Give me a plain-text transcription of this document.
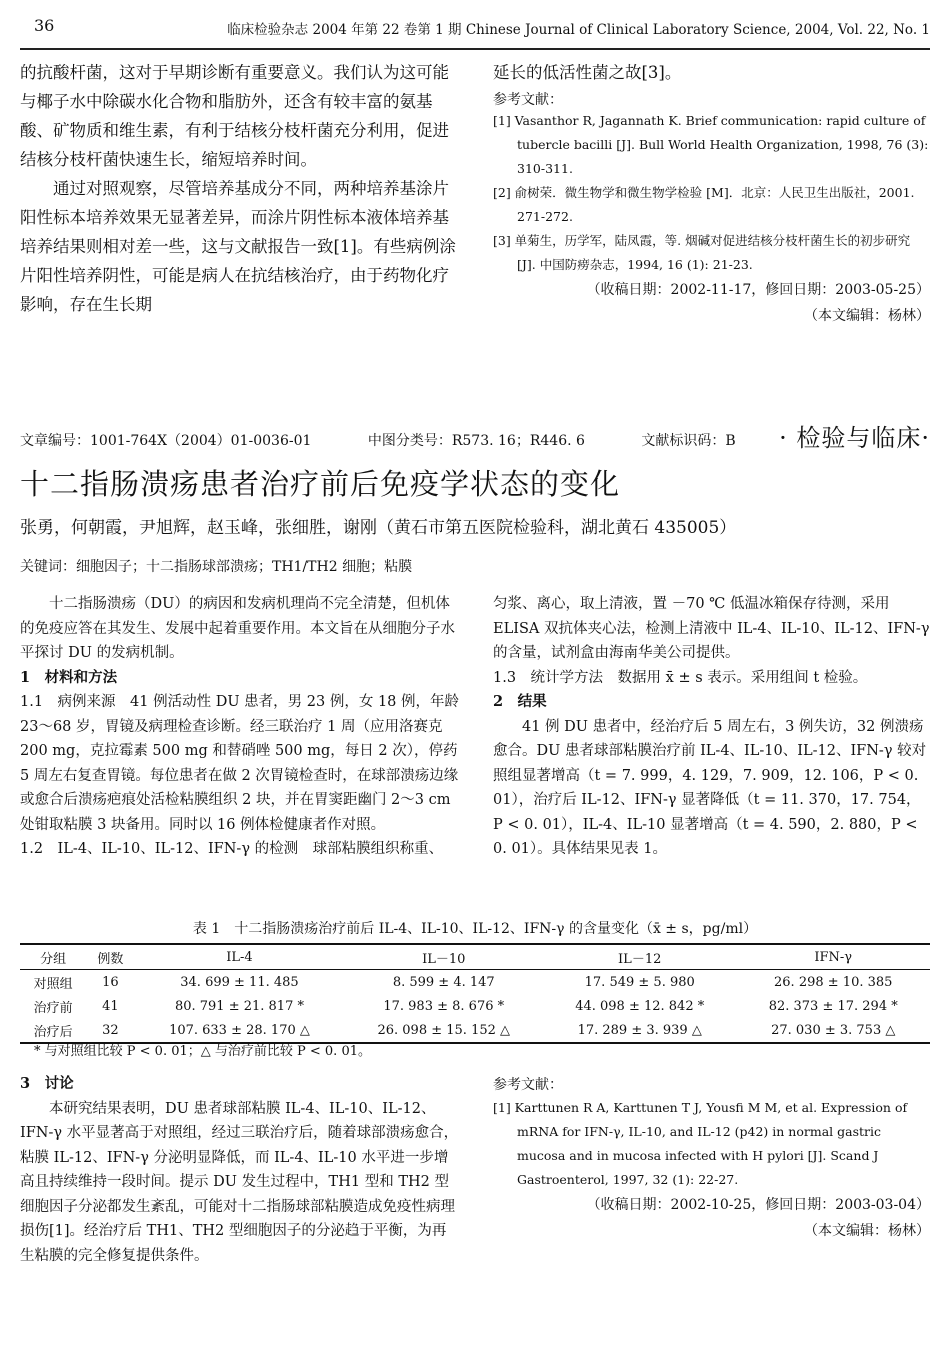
36	临床检验杂志 2004 年第 22 卷第 1 期 Chinese Journal of Clinical Laboratory Science, 2004, Vol. 22, No. 1
的抗酸杆菌，这对于早期诊断有重要意义。我们认为这可能与椰子水中除碳水化合物和脂肪外，还含有较丰富的氨基酸、矿物质和维生素，有利于结核分枝杆菌充分利用，促进结核分枝杆菌快速生长，缩短培养时间。
通过对照观察，尽管培养基成分不同，两种培养基涂片阳性标本培养效果无显著差异，而涂片阴性标本液体培养基培养结果则相对差一些，这与文献报告一致[1]。有些病例涂片阳性培养阴性，可能是病人在抗结核治疗，由于药物化疗影响，存在生长期
延长的低活性菌之故[3]。
参考文献：
[1] Vasanthor R, Jagannath K. Brief communication: rapid culture of tubercle bacilli [J]. Bull World Health Organization, 1998, 76 (3): 310-311.
[2] 俞树荣．微生物学和微生物学检验 [M]．北京：人民卫生出版社，2001. 271-272.
[3] 单菊生，历学军，陆凤霞，等. 烟碱对促进结核分枝杆菌生长的初步研究 [J]. 中国防痨杂志，1994, 16 (1): 21-23.
（收稿日期：2002-11-17，修回日期：2003-05-25）
（本文编辑：杨林）
文章编号：1001-764X（2004）01-0036-01	中图分类号：R573. 16；R446. 6	文献标识码：B · 检验与临床·
十二指肠溃疡患者治疗前后免疫学状态的变化
张勇，何朝霞，尹旭辉，赵玉峰，张细胜，谢刚（黄石市第五医院检验科，湖北黄石 435005）
关键词：细胞因子；十二指肠球部溃疡；TH1/TH2 细胞；粘膜
十二指肠溃疡（DU）的病因和发病机理尚不完全清楚，但机体的免疫应答在其发生、发展中起着重要作用。本文旨在从细胞分子水平探讨 DU 的发病机制。
1　材料和方法
1.1　病例来源　41 例活动性 DU 患者，男 23 例，女 18 例，年龄 23～68 岁，胃镜及病理检查诊断。经三联治疗 1 周（应用洛赛克 200 mg，克拉霉素 500 mg 和替硝唑 500 mg，每日 2 次），停药 5 周左右复查胃镜。每位患者在做 2 次胃镜检查时，在球部溃疡边缘或愈合后溃疡疤痕处活检粘膜组织 2 块，并在胃窦距幽门 2～3 cm 处钳取粘膜 3 块备用。同时以 16 例体检健康者作对照。
1.2　IL-4、IL-10、IL-12、IFN-γ 的检测　球部粘膜组织称重、
匀浆、离心，取上清液，置 －70 ℃ 低温冰箱保存待测，采用 ELISA 双抗体夹心法，检测上清液中 IL-4、IL-10、IL-12、IFN-γ 的含量，试剂盒由海南华美公司提供。
1.3　统计学方法　数据用 x̄ ± s 表示。采用组间 t 检验。
2　结果
41 例 DU 患者中，经治疗后 5 周左右，3 例失访，32 例溃疡愈合。DU 患者球部粘膜治疗前 IL-4、IL-10、IL-12、IFN-γ 较对照组显著增高（t = 7. 999，4. 129，7. 909，12. 106，P < 0. 01），治疗后 IL-12、IFN-γ 显著降低（t = 11. 370，17. 754，P < 0. 01），IL-4、IL-10 显著增高（t = 4. 590，2. 880，P < 0. 01）。具体结果见表 1。
表 1　十二指肠溃疡治疗前后 IL-4、IL-10、IL-12、IFN-γ 的含量变化（x̄ ± s，pg/ml）
分组	例数	IL-4	IL－10	IL－12	IFN-γ
对照组	16	34. 699 ± 11. 485	8. 599 ± 4. 147	17. 549 ± 5. 980	26. 298 ± 10. 385
治疗前	41	80. 791 ± 21. 817 *	17. 983 ± 8. 676 *	44. 098 ± 12. 842 *	82. 373 ± 17. 294 *
治疗后	32	107. 633 ± 28. 170 △	26. 098 ± 15. 152 △	17. 289 ± 3. 939 △	27. 030 ± 3. 753 △
* 与对照组比较 P < 0. 01；△ 与治疗前比较 P < 0. 01。
3　讨论
本研究结果表明，DU 患者球部粘膜 IL-4、IL-10、IL-12、IFN-γ 水平显著高于对照组，经过三联治疗后，随着球部溃疡愈合，粘膜 IL-12、IFN-γ 分泌明显降低，而 IL-4、IL-10 水平进一步增高且持续维持一段时间。提示 DU 发生过程中，TH1 型和 TH2 型细胞因子分泌都发生紊乱，可能对十二指肠球部粘膜造成免疫性病理损伤[1]。经治疗后 TH1、TH2 型细胞因子的分泌趋于平衡，为再生粘膜的完全修复提供条件。
参考文献：
[1] Karttunen R A, Karttunen T J, Yousfi M M, et al. Expression of mRNA for IFN-γ, IL-10, and IL-12 (p42) in normal gastric mucosa and in mucosa infected with H pylori [J]. Scand J Gastroenterol, 1997, 32 (1): 22-27.
（收稿日期：2002-10-25，修回日期：2003-03-04）
（本文编辑：杨林）
